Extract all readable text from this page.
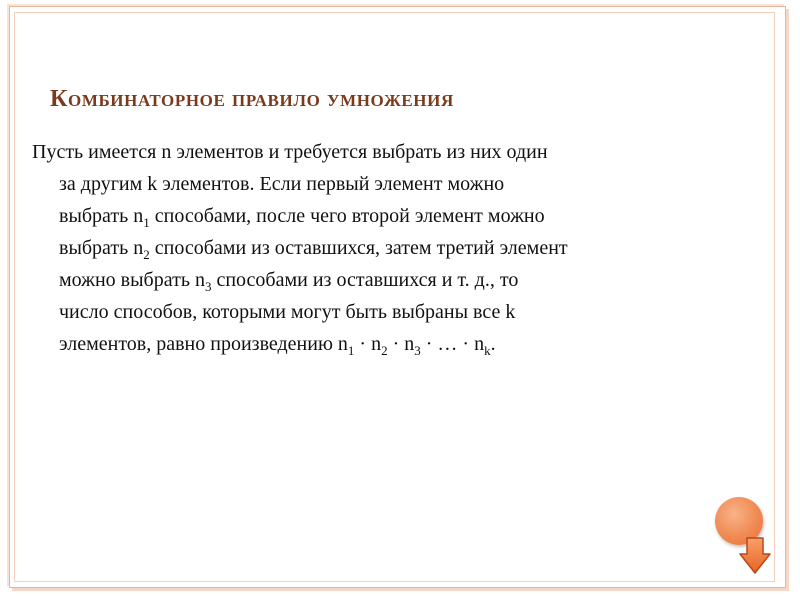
Комбинаторное правило умножения
Пусть имеется n элементов и требуется выбрать из них один
за другим k элементов. Если первый элемент можно
выбрать $n_1$ способами, после чего второй элемент можно
выбрать $n_2$ способами из оставшихся, затем третий элемент
можно выбрать $n_3$ способами из оставшихся и т. д., то
число способов, которыми могут быть выбраны все k
элементов, равно произведению $n_1 \cdot n_2 \cdot n_3$ · … · $n_k$.
